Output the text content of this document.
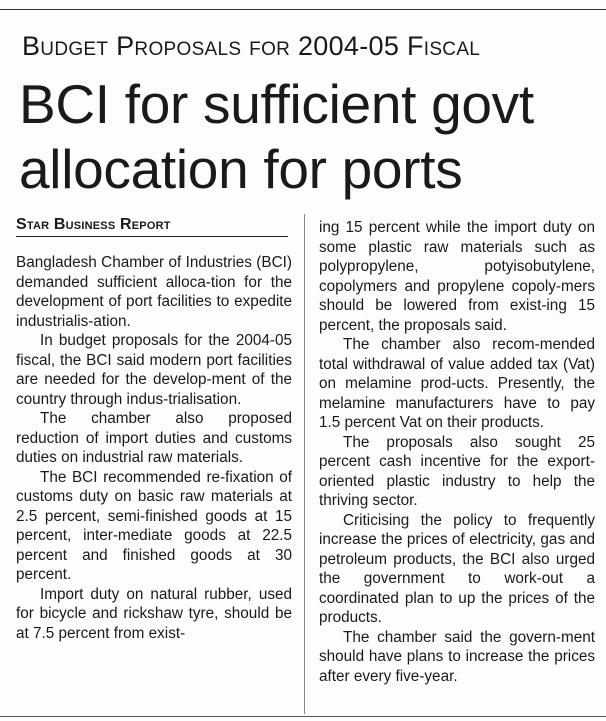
Budget Proposals for 2004-05 Fiscal
BCI for sufficient govt
allocation for ports
Star Business Report

Bangladesh Chamber of Industries (BCI) demanded sufficient alloca-tion for the development of port facilities to expedite industrialis-ation.

In budget proposals for the 2004-05 fiscal, the BCI said modern port facilities are needed for the develop-ment of the country through indus-trialisation.

The chamber also proposed reduction of import duties and customs duties on industrial raw materials.

The BCI recommended re-fixation of customs duty on basic raw materials at 2.5 percent, semi-finished goods at 15 percent, inter-mediate goods at 22.5 percent and finished goods at 30 percent.

Import duty on natural rubber, used for bicycle and rickshaw tyre, should be at 7.5 percent from exist-

ing 15 percent while the import duty on some plastic raw materials such as polypropylene, potyisobutylene, copolymers and propylene copoly-mers should be lowered from exist-ing 15 percent, the proposals said.

The chamber also recom-mended total withdrawal of value added tax (Vat) on melamine prod-ucts. Presently, the melamine manufacturers have to pay 1.5 percent Vat on their products.

The proposals also sought 25 percent cash incentive for the export-oriented plastic industry to help the thriving sector.

Criticising the policy to frequently increase the prices of electricity, gas and petroleum products, the BCI also urged the government to work-out a coordinated plan to up the prices of the products.

The chamber said the govern-ment should have plans to increase the prices after every five-year.
